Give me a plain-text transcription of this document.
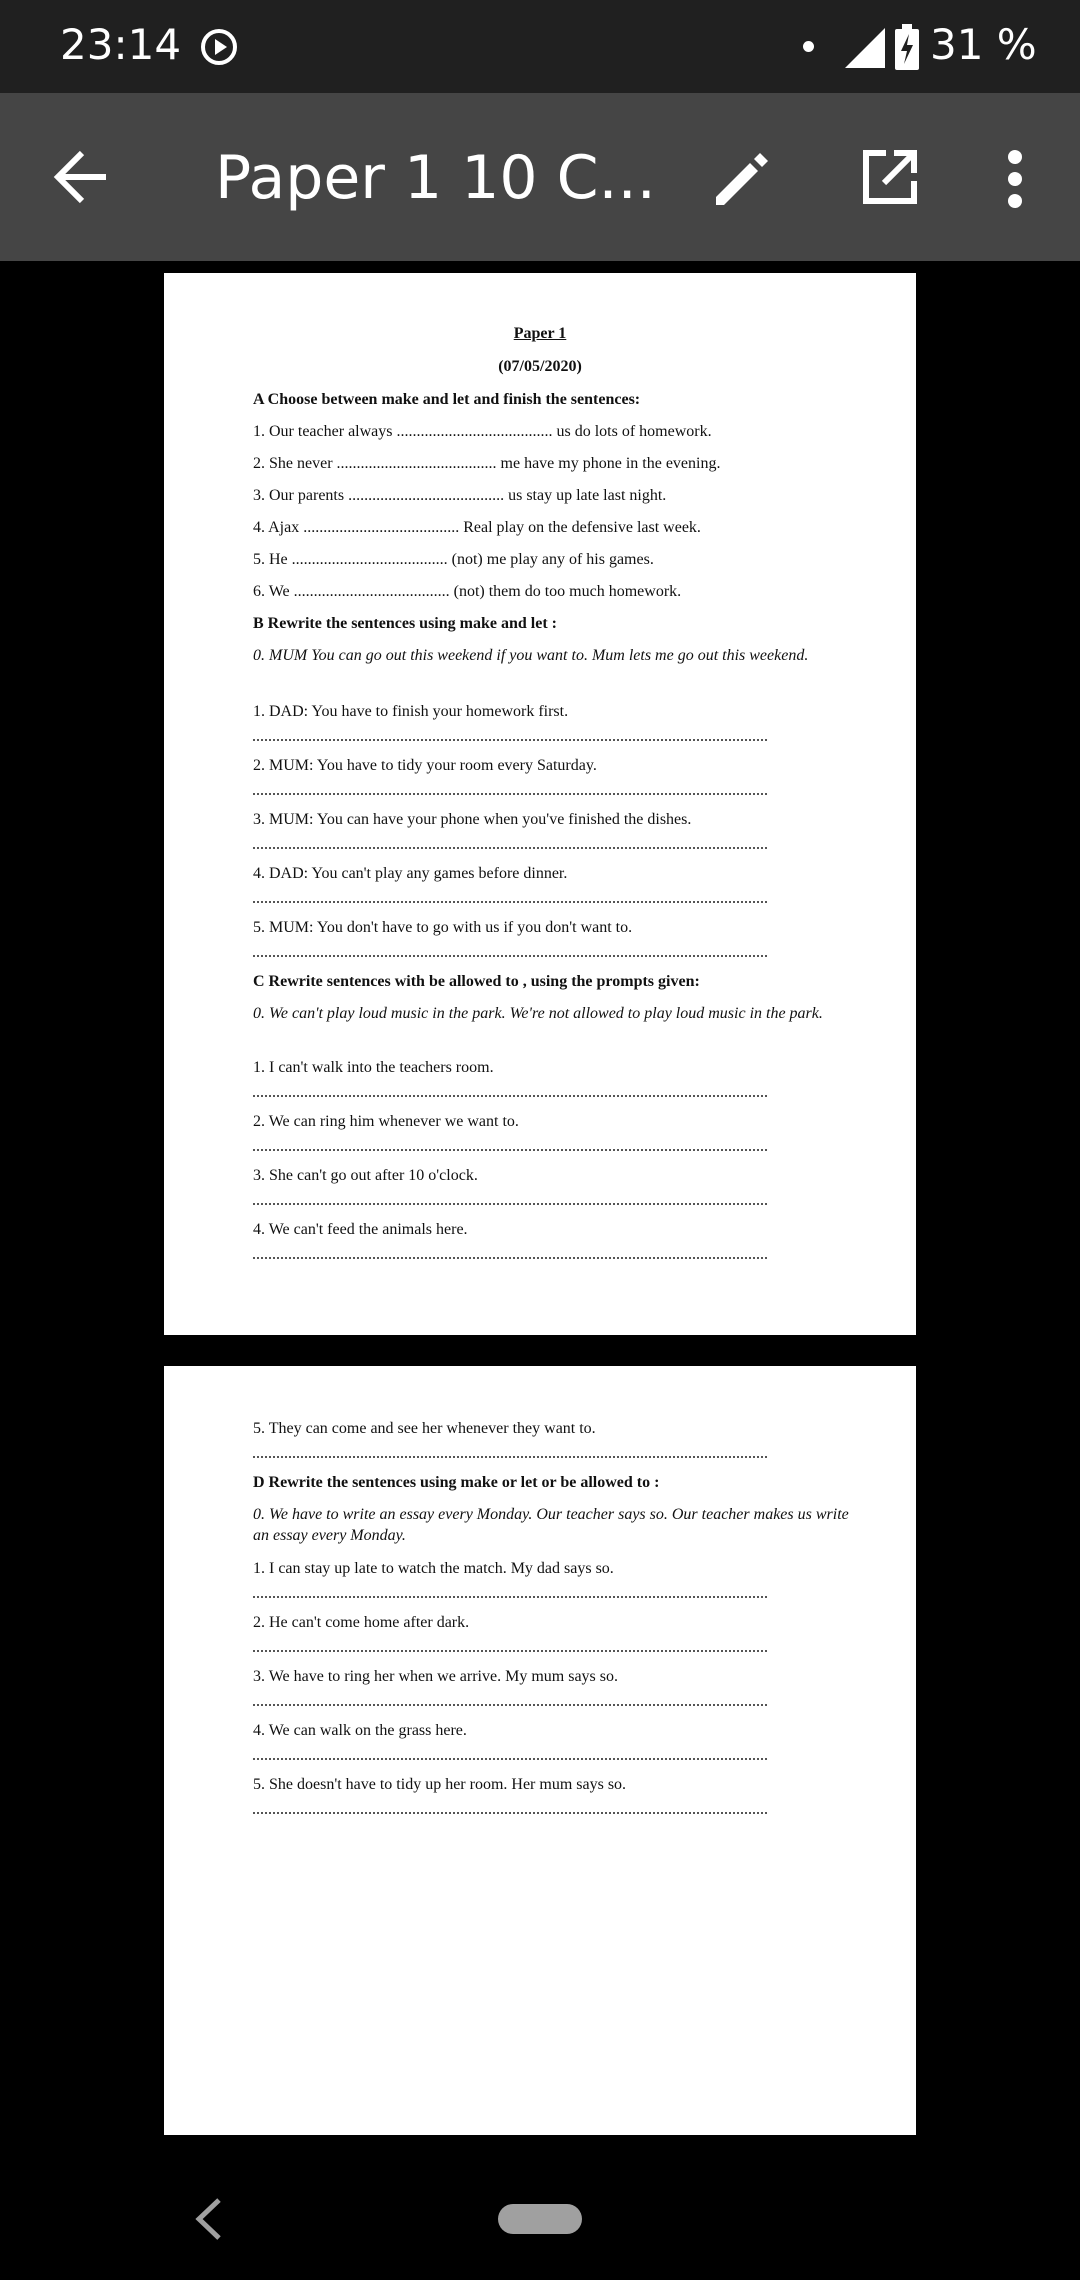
23:14	31 %
Paper 1 10 C...
Paper 1
(07/05/2020)
A Choose between make and let and finish the sentences:
1. Our teacher always ....................................... us do lots of homework.
2. She never ........................................ me have my phone in the evening.
3. Our parents ....................................... us stay up late last night.
4. Ajax ....................................... Real play on the defensive last week.
5. He ....................................... (not) me play any of his games.
6. We ....................................... (not) them do too much homework.
B Rewrite the sentences using make and let :
0. MUM You can go out this weekend if you want to. Mum lets me go out this weekend.
1. DAD: You have to finish your homework first.
2. MUM: You have to tidy your room every Saturday.
3. MUM: You can have your phone when you've finished the dishes.
4. DAD: You can't play any games before dinner.
5. MUM: You don't have to go with us if you don't want to.
C Rewrite sentences with be allowed to , using the prompts given:
0. We can't play loud music in the park. We're not allowed to play loud music in the park.
1. I can't walk into the teachers room.
2. We can ring him whenever we want to.
3. She can't go out after 10 o'clock.
4. We can't feed the animals here.
5. They can come and see her whenever they want to.
D Rewrite the sentences using make or let or be allowed to :
0. We have to write an essay every Monday. Our teacher says so. Our teacher makes us write an essay every Monday.
1. I can stay up late to watch the match. My dad says so.
2. He can't come home after dark.
3. We have to ring her when we arrive. My mum says so.
4. We can walk on the grass here.
5. She doesn't have to tidy up her room. Her mum says so.
